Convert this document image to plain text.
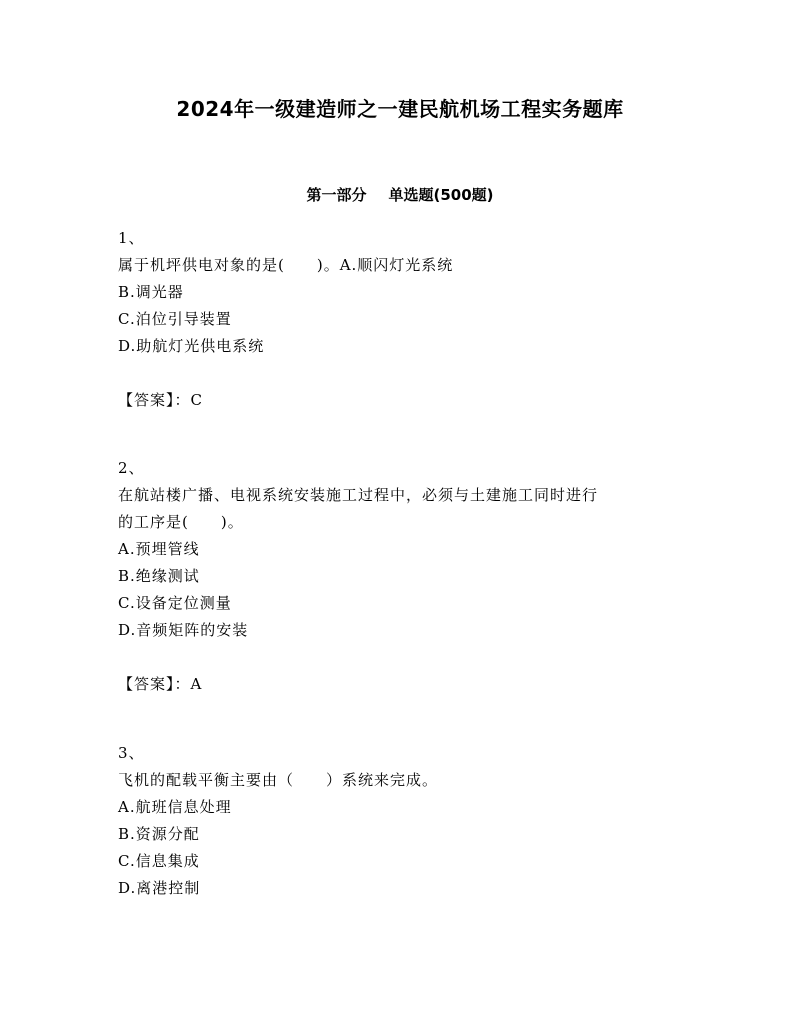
2024年一级建造师之一建民航机场工程实务题库
第一部分 单选题(500题)
1、
属于机坪供电对象的是(　　)。A.顺闪灯光系统
B.调光器
C.泊位引导装置
D.助航灯光供电系统
【答案】：C
2、
在航站楼广播、电视系统安装施工过程中，必须与土建施工同时进行
的工序是(　　)。
A.预埋管线
B.绝缘测试
C.设备定位测量
D.音频矩阵的安装
【答案】：A
3、
飞机的配载平衡主要由（　　）系统来完成。
A.航班信息处理
B.资源分配
C.信息集成
D.离港控制
